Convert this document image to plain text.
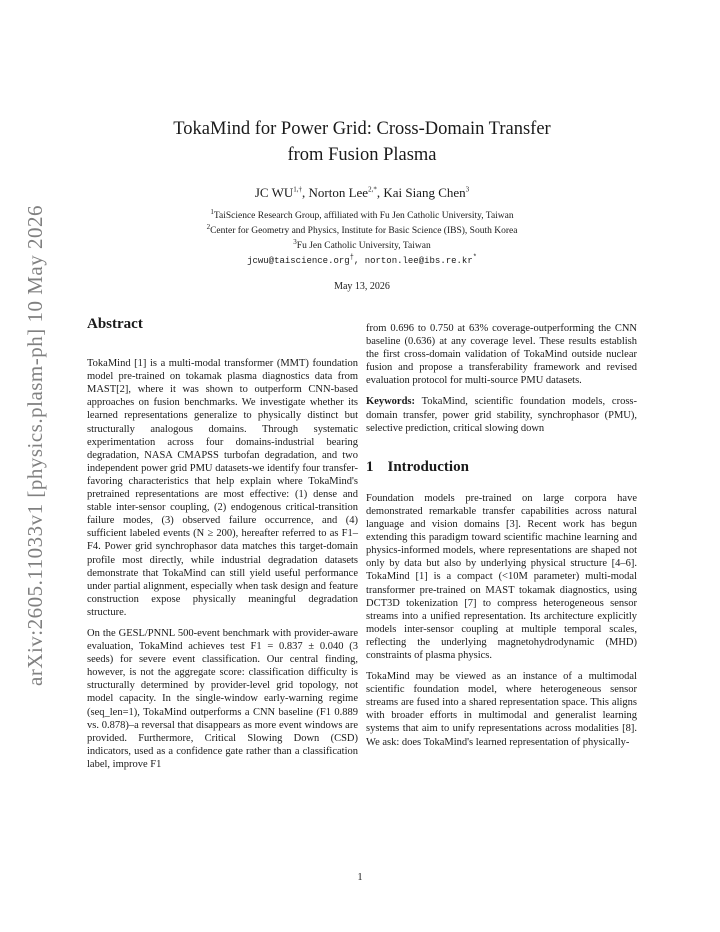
arXiv:2605.11033v1 [physics.plasm-ph] 10 May 2026
TokaMind for Power Grid: Cross-Domain Transfer
from Fusion Plasma
JC $WU^{1,\dagger}$, Norton Lee$^{2,*}$, Kai Siang Chen$^3$
$^1$TaiScience Research Group, affiliated with Fu Jen Catholic University, Taiwan
$^2$Center for Geometry and Physics, Institute for Basic Science (IBS), South Korea
$^3$Fu Jen Catholic University, Taiwan
jcwu@taiscience.org†, norton.lee@ibs.re.kr*
May 13, 2026
Abstract

TokaMind [1] is a multi-modal transformer (MMT) foundation model pre-trained on tokamak plasma diagnostics data from MAST[2], where it was shown to outperform CNN-based approaches on fusion benchmarks. We investigate whether its learned representations generalize to physically distinct but structurally analogous domains. Through systematic experimentation across four domains-industrial bearing degradation, NASA CMAPSS turbofan degradation, and two independent power grid PMU datasets-we identify four transfer-favoring characteristics that help explain where TokaMind's pretrained representations are most effective: (1) dense and stable inter-sensor coupling, (2) endogenous critical-transition failure modes, (3) observed failure occurrence, and (4) sufficient labeled events (N ≥ 200), hereafter referred to as F1–F4. Power grid synchrophasor data matches this target-domain profile most directly, while industrial degradation datasets demonstrate that TokaMind can still yield useful performance under partial alignment, especially when task design and feature construction expose physically meaningful degradation structure.

On the GESL/PNNL 500-event benchmark with provider-aware evaluation, TokaMind achieves test F1 = 0.837 ± 0.040 (3 seeds) for severe event classification. Our central finding, however, is not the aggregate score: classification difficulty is structurally determined by provider-level grid topology, not model capacity. In the single-window early-warning regime (seq_len=1), TokaMind outperforms a CNN baseline (F1 0.889 vs. 0.878)–a reversal that disappears as more event windows are provided. Furthermore, Critical Slowing Down (CSD) indicators, used as a confidence gate rather than a classification label, improve F1

from 0.696 to 0.750 at 63% coverage-outperforming the CNN baseline (0.636) at any coverage level. These results establish the first cross-domain validation of TokaMind outside nuclear fusion and propose a transferability framework and revised evaluation protocol for multi-source PMU datasets.

Keywords: TokaMind, scientific foundation models, cross-domain transfer, power grid stability, synchrophasor (PMU), selective prediction, critical slowing down

1 Introduction

Foundation models pre-trained on large corpora have demonstrated remarkable transfer capabilities across natural language and vision domains [3]. Recent work has begun extending this paradigm toward scientific machine learning and physics-informed models, where representations are shaped not only by data but also by underlying physical structure [4–6]. TokaMind [1] is a compact (<10M parameter) multi-modal transformer pre-trained on MAST tokamak diagnostics, using DCT3D tokenization [7] to compress heterogeneous sensor streams into a unified representation. Its architecture explicitly models inter-sensor coupling at multiple temporal scales, reflecting the underlying magnetohydrodynamic (MHD) constraints of plasma physics.

TokaMind may be viewed as an instance of a multimodal scientific foundation model, where heterogeneous sensor streams are fused into a shared representation space. This aligns with broader efforts in multimodal and generalist learning systems that aim to unify representations across modalities [8]. We ask: does TokaMind's learned representation of physically-

1
